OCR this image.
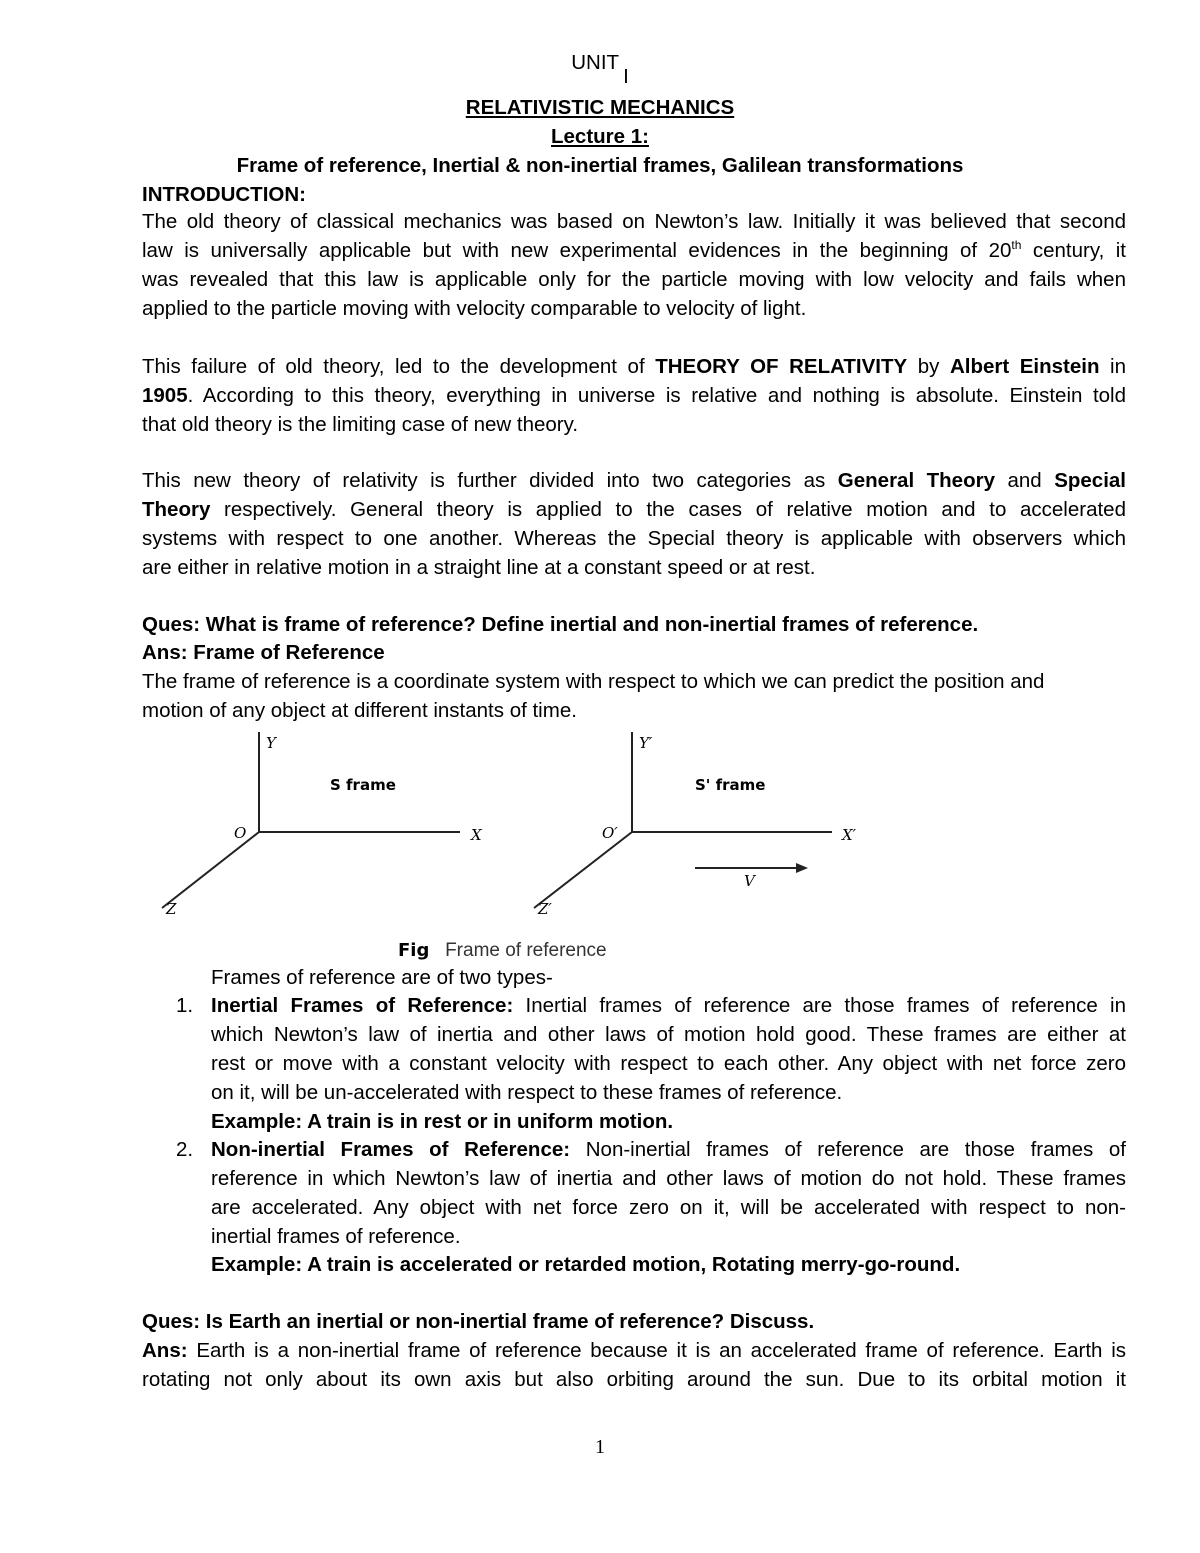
UNITI
RELATIVISTIC MECHANICS
Lecture 1:
Frame of reference, Inertial & non-inertial frames, Galilean transformations
INTRODUCTION:
The old theory of classical mechanics was based on Newton’s law. Initially it was believed that second
law is universally applicable but with new experimental evidences in the beginning of 20th century, it
was revealed that this law is applicable only for the particle moving with low velocity and fails when
applied to the particle moving with velocity comparable to velocity of light.
This failure of old theory, led to the development of THEORY OF RELATIVITY by Albert Einstein in
1905. According to this theory, everything in universe is relative and nothing is absolute. Einstein told
that old theory is the limiting case of new theory.
This new theory of relativity is further divided into two categories as General Theory and Special
Theory respectively. General theory is applied to the cases of relative motion and to accelerated
systems with respect to one another. Whereas the Special theory is applicable with observers which
are either in relative motion in a straight line at a constant speed or at rest.
Ques: What is frame of reference? Define inertial and non-inertial frames of reference.
Ans: Frame of Reference
The frame of reference is a coordinate system with respect to which we can predict the position and
motion of any object at different instants of time.
Y
X
O
Z
S frame
Y′
X′
O′
Z′
S' frame
V
Fig Frame of reference
Frames of reference are of two types-
1. Inertial Frames of Reference: Inertial frames of reference are those frames of reference in
which Newton’s law of inertia and other laws of motion hold good. These frames are either at
rest or move with a constant velocity with respect to each other. Any object with net force zero
on it, will be un-accelerated with respect to these frames of reference.
Example: A train is in rest or in uniform motion.
2. Non-inertial Frames of Reference: Non-inertial frames of reference are those frames of
reference in which Newton’s law of inertia and other laws of motion do not hold. These frames
are accelerated. Any object with net force zero on it, will be accelerated with respect to non-
inertial frames of reference.
Example: A train is accelerated or retarded motion, Rotating merry-go-round.
Ques: Is Earth an inertial or non-inertial frame of reference? Discuss.
Ans: Earth is a non-inertial frame of reference because it is an accelerated frame of reference. Earth is
rotating not only about its own axis but also orbiting around the sun. Due to its orbital motion it
1
